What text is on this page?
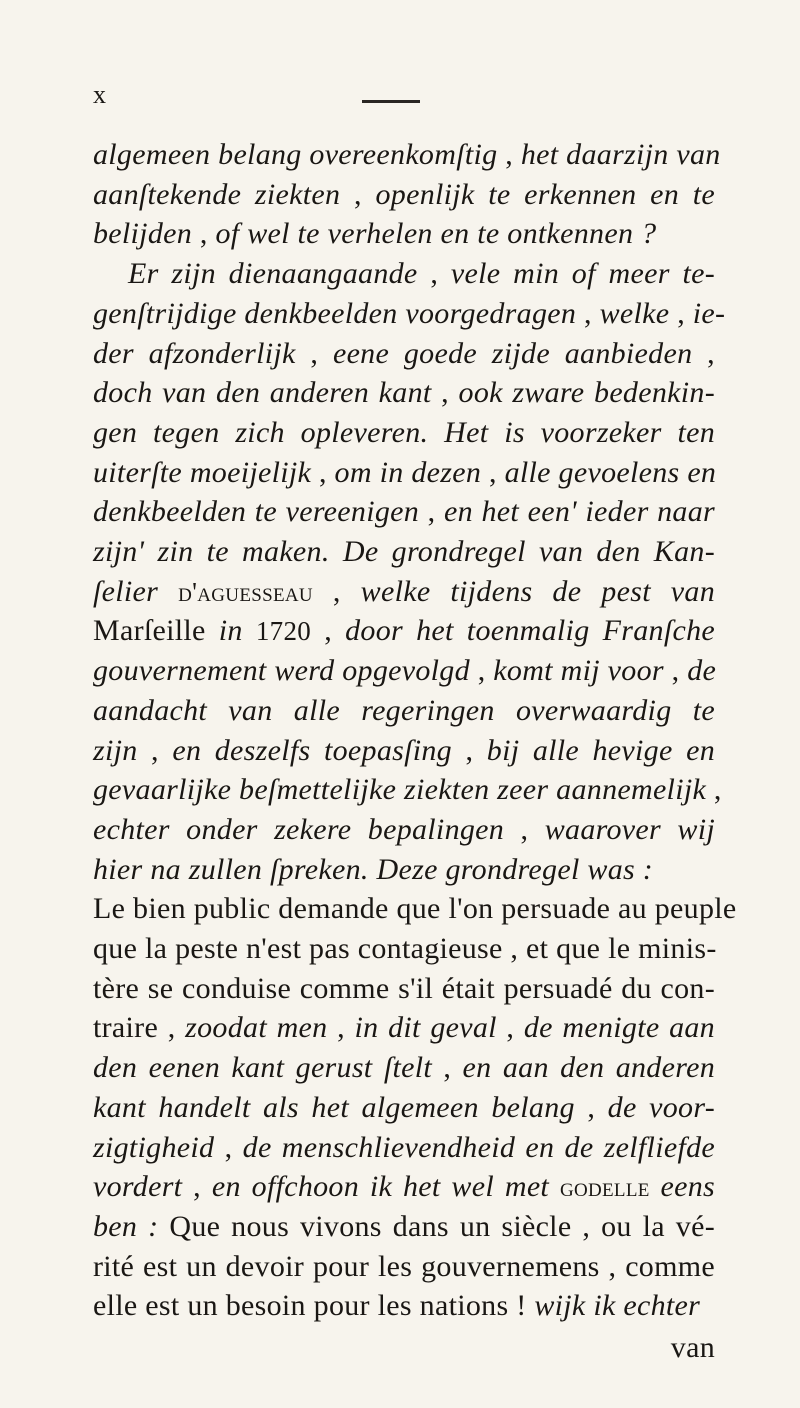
x
algemeen belang overeenkomſtig , het daarzijn van
aanſtekende ziekten , openlijk te erkennen en te
belijden , of wel te verhelen en te ontkennen ?
Er zijn dienaangaande , vele min of meer te-
genſtrijdige denkbeelden voorgedragen , welke , ie-
der afzonderlijk , eene goede zijde aanbieden ,
doch van den anderen kant , ook zware bedenkin-
gen tegen zich opleveren. Het is voorzeker ten
uiterſte moeijelijk , om in dezen , alle gevoelens en
denkbeelden te vereenigen , en het een' ieder naar
zijn' zin te maken. De grondregel van den Kan-
ſelier d'aguesseau , welke tijdens de pest van
Marſeille in 1720 , door het toenmalig Franſche
gouvernement werd opgevolgd , komt mij voor , de
aandacht van alle regeringen overwaardig te
zijn , en deszelfs toepasſing , bij alle hevige en
gevaarlijke beſmettelijke ziekten zeer aannemelijk ,
echter onder zekere bepalingen , waarover wij
hier na zullen ſpreken. Deze grondregel was :
Le bien public demande que l'on persuade au peuple
que la peste n'est pas contagieuse , et que le minis-
tère se conduise comme s'il était persuadé du con-
traire , zoodat men , in dit geval , de menigte aan
den eenen kant gerust ſtelt , en aan den anderen
kant handelt als het algemeen belang , de voor-
zigtigheid , de menschlievendheid en de zelfliefde
vordert , en offchoon ik het wel met godelle eens
ben : Que nous vivons dans un siècle , ou la vé-
rité est un devoir pour les gouvernemens , comme
elle est un besoin pour les nations ! wijk ik echter
van
